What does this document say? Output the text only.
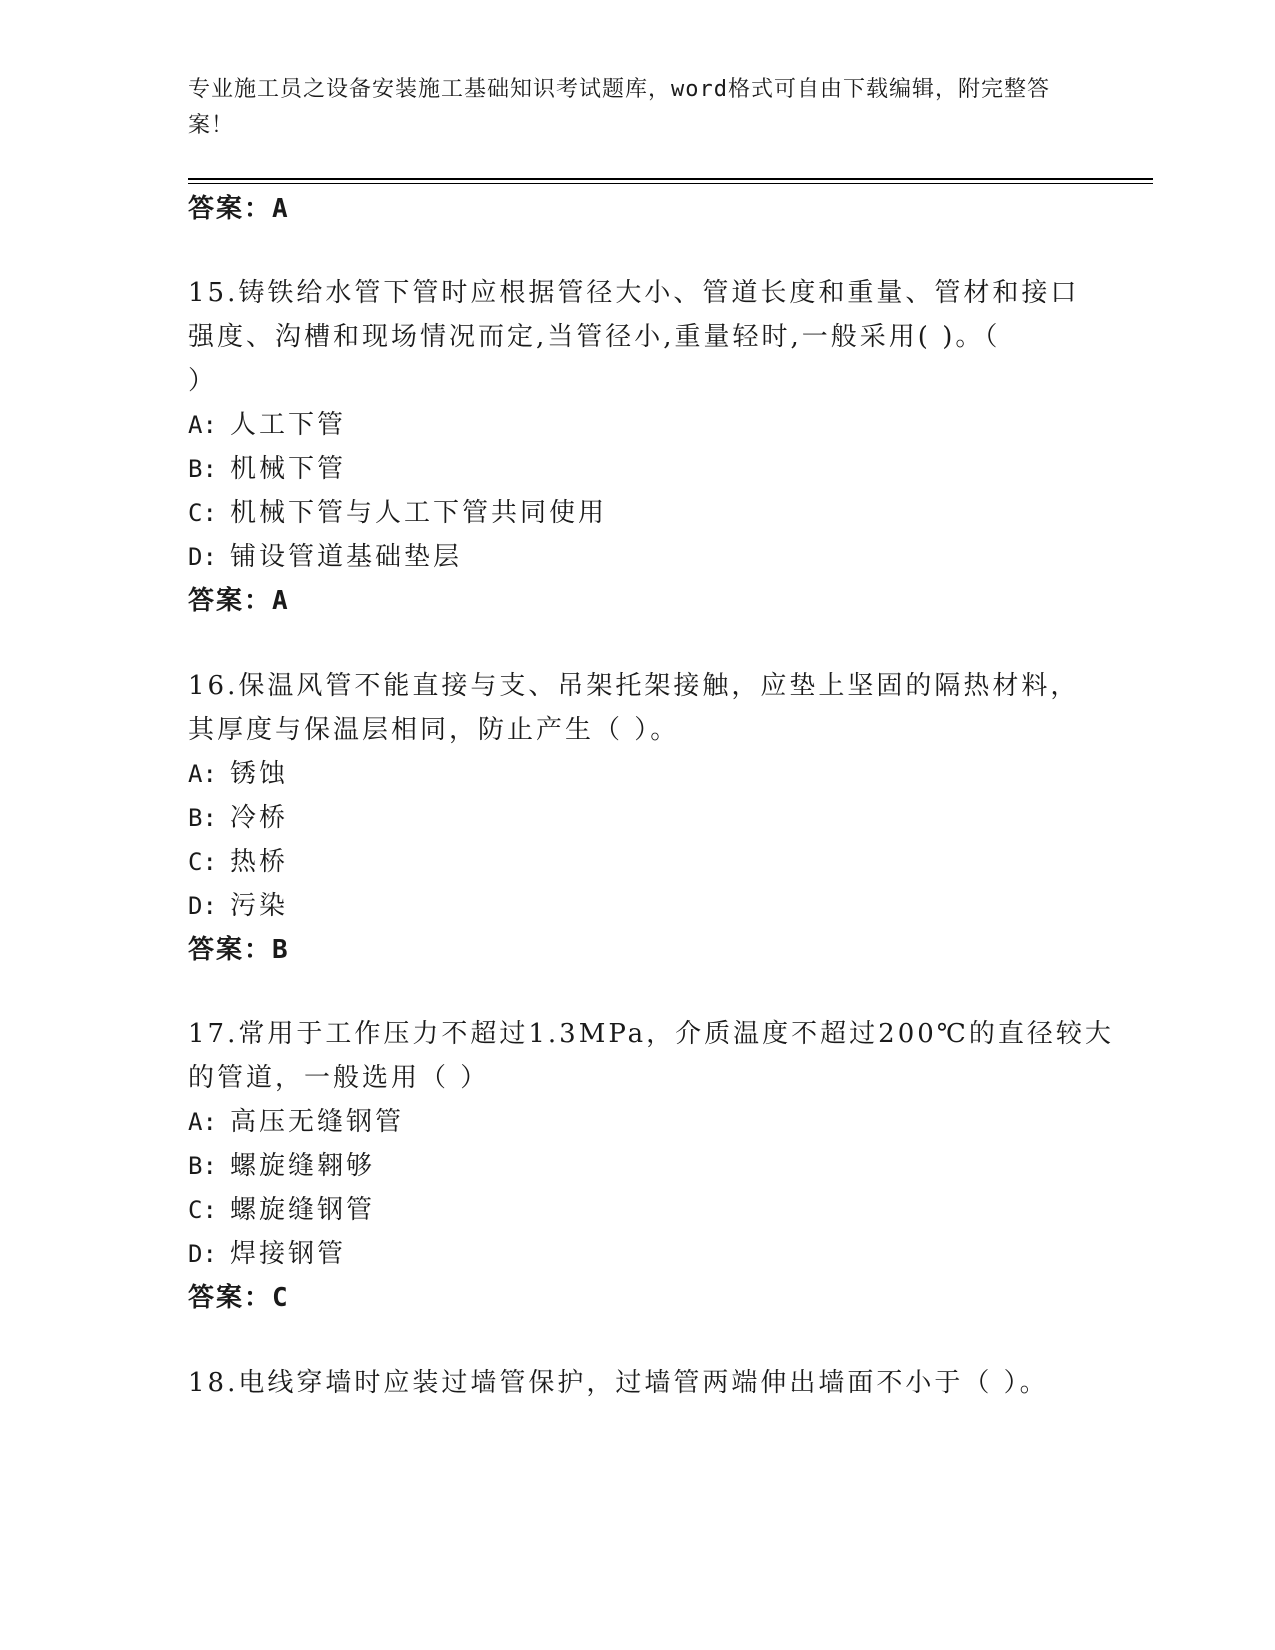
专业施工员之设备安装施工基础知识考试题库，word格式可自由下载编辑，附完整答案！
答案：A
15.铸铁给水管下管时应根据管径大小、管道长度和重量、管材和接口
强度、沟槽和现场情况而定,当管径小,重量轻时,一般采用( )。（
）
A: 人工下管
B: 机械下管
C: 机械下管与人工下管共同使用
D: 铺设管道基础垫层
答案：A
16.保温风管不能直接与支、吊架托架接触，应垫上坚固的隔热材料，
其厚度与保温层相同，防止产生（ ）。
A: 锈蚀
B: 冷桥
C: 热桥
D: 污染
答案：B
17.常用于工作压力不超过1.3MPa，介质温度不超过200℃的直径较大
的管道，一般选用（ ）
A: 高压无缝钢管
B: 螺旋缝翱够
C: 螺旋缝钢管
D: 焊接钢管
答案：C
18.电线穿墙时应装过墙管保护，过墙管两端伸出墙面不小于（ ）。
